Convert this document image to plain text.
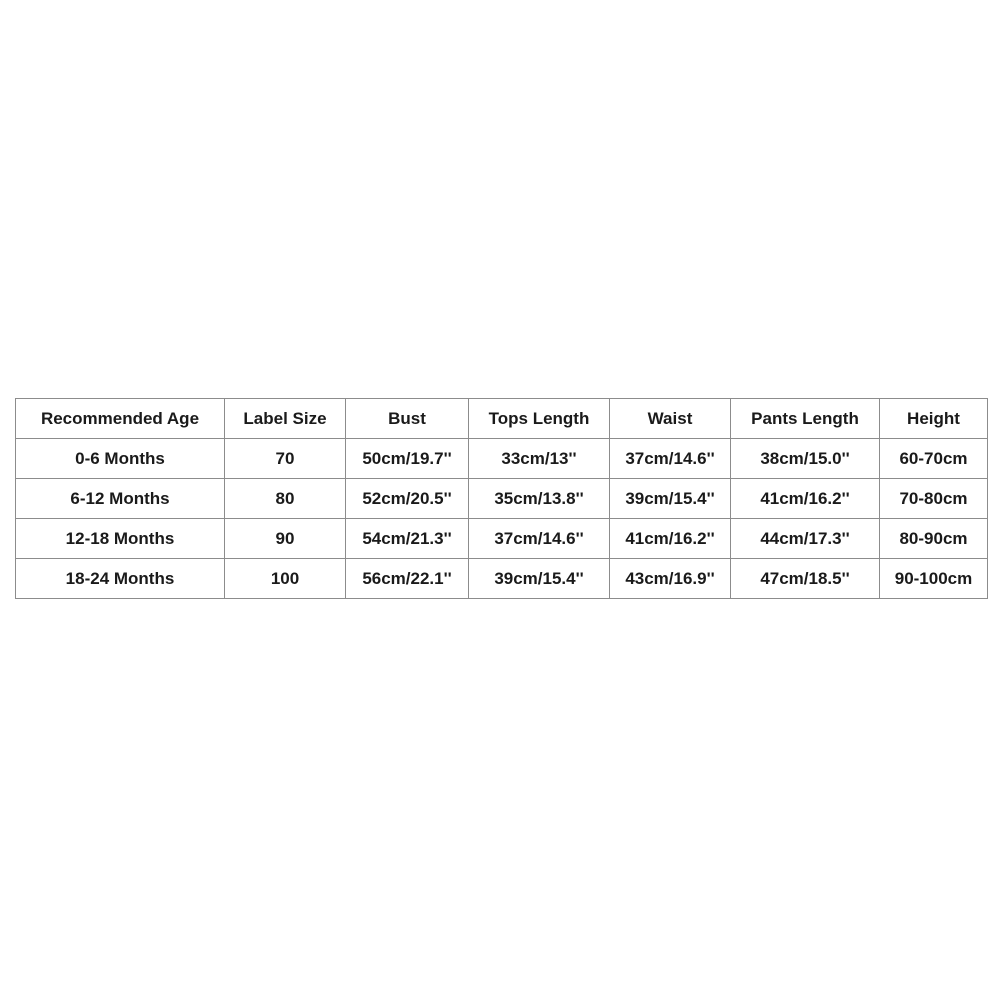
Recommended Age	Label Size	Bust	Tops Length	Waist	Pants Length	Height
0-6 Months	70	50cm/19.7''	33cm/13''	37cm/14.6''	38cm/15.0''	60-70cm
6-12 Months	80	52cm/20.5''	35cm/13.8''	39cm/15.4''	41cm/16.2''	70-80cm
12-18 Months	90	54cm/21.3''	37cm/14.6''	41cm/16.2''	44cm/17.3''	80-90cm
18-24 Months	100	56cm/22.1''	39cm/15.4''	43cm/16.9''	47cm/18.5''	90-100cm
